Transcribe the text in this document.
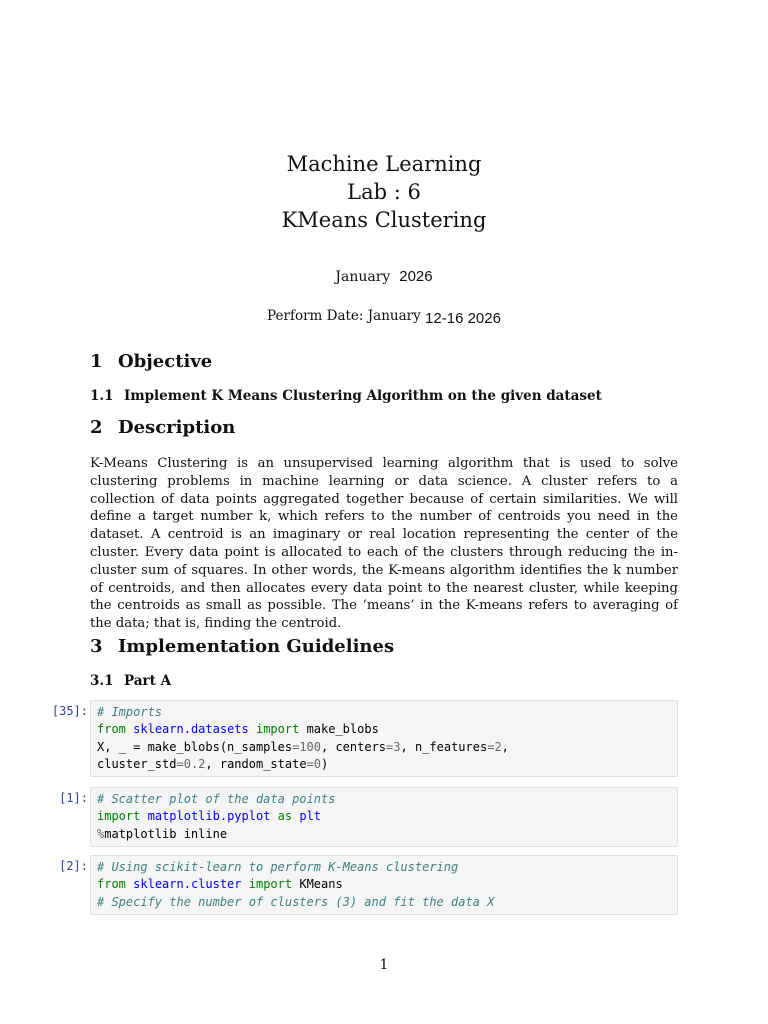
Machine Learning

Lab : 6

KMeans Clustering

January 2026
Perform Date: January 12-16 2026
1 Objective
1.1 Implement K Means Clustering Algorithm on the given dataset
2 Description

K-Means Clustering is an unsupervised learning algorithm that is used to solve clustering problems in machine learning or data science. A cluster refers to a collection of data points aggregated together because of certain similarities. We will define a target number k, which refers to the number of centroids you need in the dataset. A centroid is an imaginary or real location representing the center of the cluster. Every data point is allocated to each of the clusters through reducing the in-cluster sum of squares. In other words, the K-means algorithm identifies the k number of centroids, and then allocates every data point to the nearest cluster, while keeping the centroids as small as possible. The ‘means’ in the K-means refers to averaging of the data; that is, finding the centroid.

3 Implementation Guidelines
3.1 Part A
[35]: # Imports
from sklearn.datasets import make_blobs
X, _ = make_blobs(n_samples=100, centers=3, n_features=2,
cluster_std=0.2, random_state=0)
[1]: # Scatter plot of the data points
import matplotlib.pyplot as plt
%matplotlib inline
[2]: # Using scikit-learn to perform K-Means clustering
from sklearn.cluster import KMeans
# Specify the number of clusters (3) and fit the data X
1
